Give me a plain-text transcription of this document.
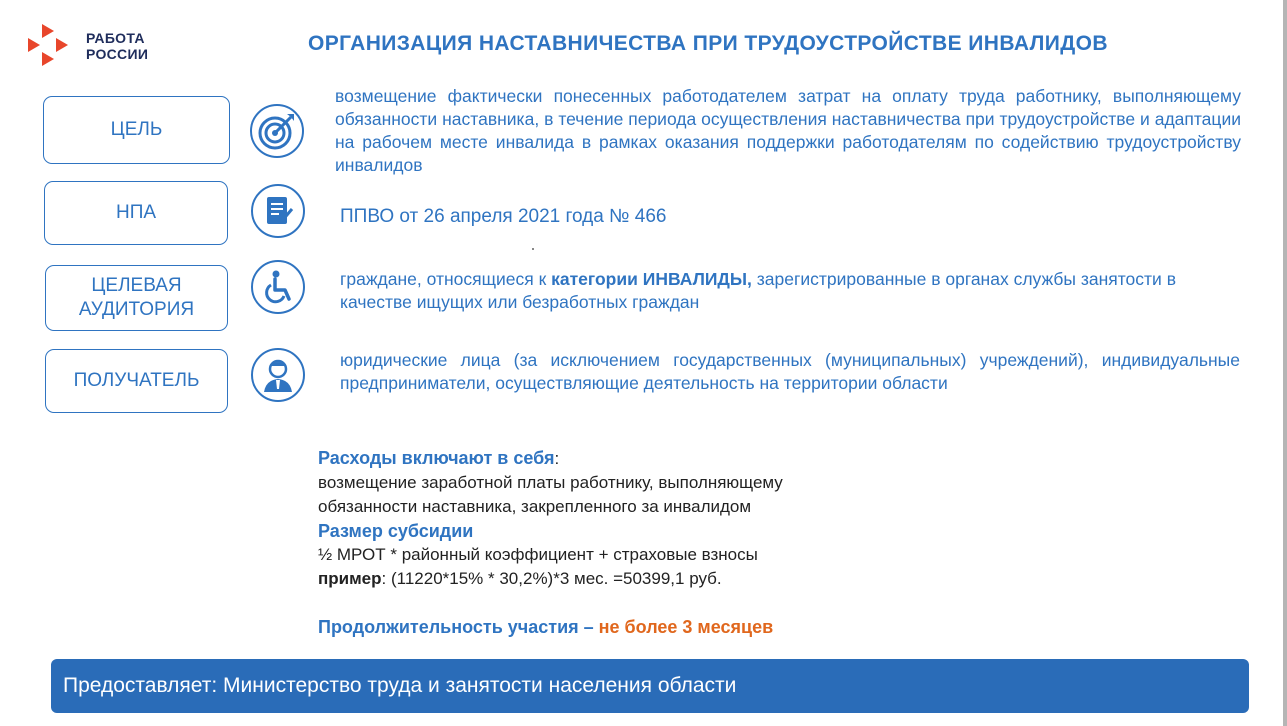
РАБОТА
РОССИИ	ОРГАНИЗАЦИЯ НАСТАВНИЧЕСТВА ПРИ ТРУДОУСТРОЙСТВЕ ИНВАЛИДОВ
ЦЕЛЬ
возмещение фактически понесенных работодателем затрат на оплату труда работнику, выполняющему обязанности наставника, в течение периода осуществления наставничества при трудоустройстве и адаптации на рабочем месте инвалида в рамках оказания поддержки работодателям по содействию трудоустройству инвалидов
НПА	ППВО от 26 апреля 2021 года № 466
ЦЕЛЕВАЯ
АУДИТОРИЯ
граждане, относящиеся к категории ИНВАЛИДЫ, зарегистрированные в органах службы занятости в качестве ищущих или безработных граждан
ПОЛУЧАТЕЛЬ
юридические лица (за исключением государственных (муниципальных) учреждений), индивидуальные предприниматели, осуществляющие деятельность на территории области
Расходы включают в себя:
возмещение заработной платы работнику, выполняющему
обязанности наставника, закрепленного за инвалидом
Размер субсидии
½ МРОТ * районный коэффициент + страховые взносы
пример: (11220*15% * 30,2%)*3 мес. =50399,1 руб.
Продолжительность участия – не более 3 месяцев
Предоставляет: Министерство труда и занятости населения области
